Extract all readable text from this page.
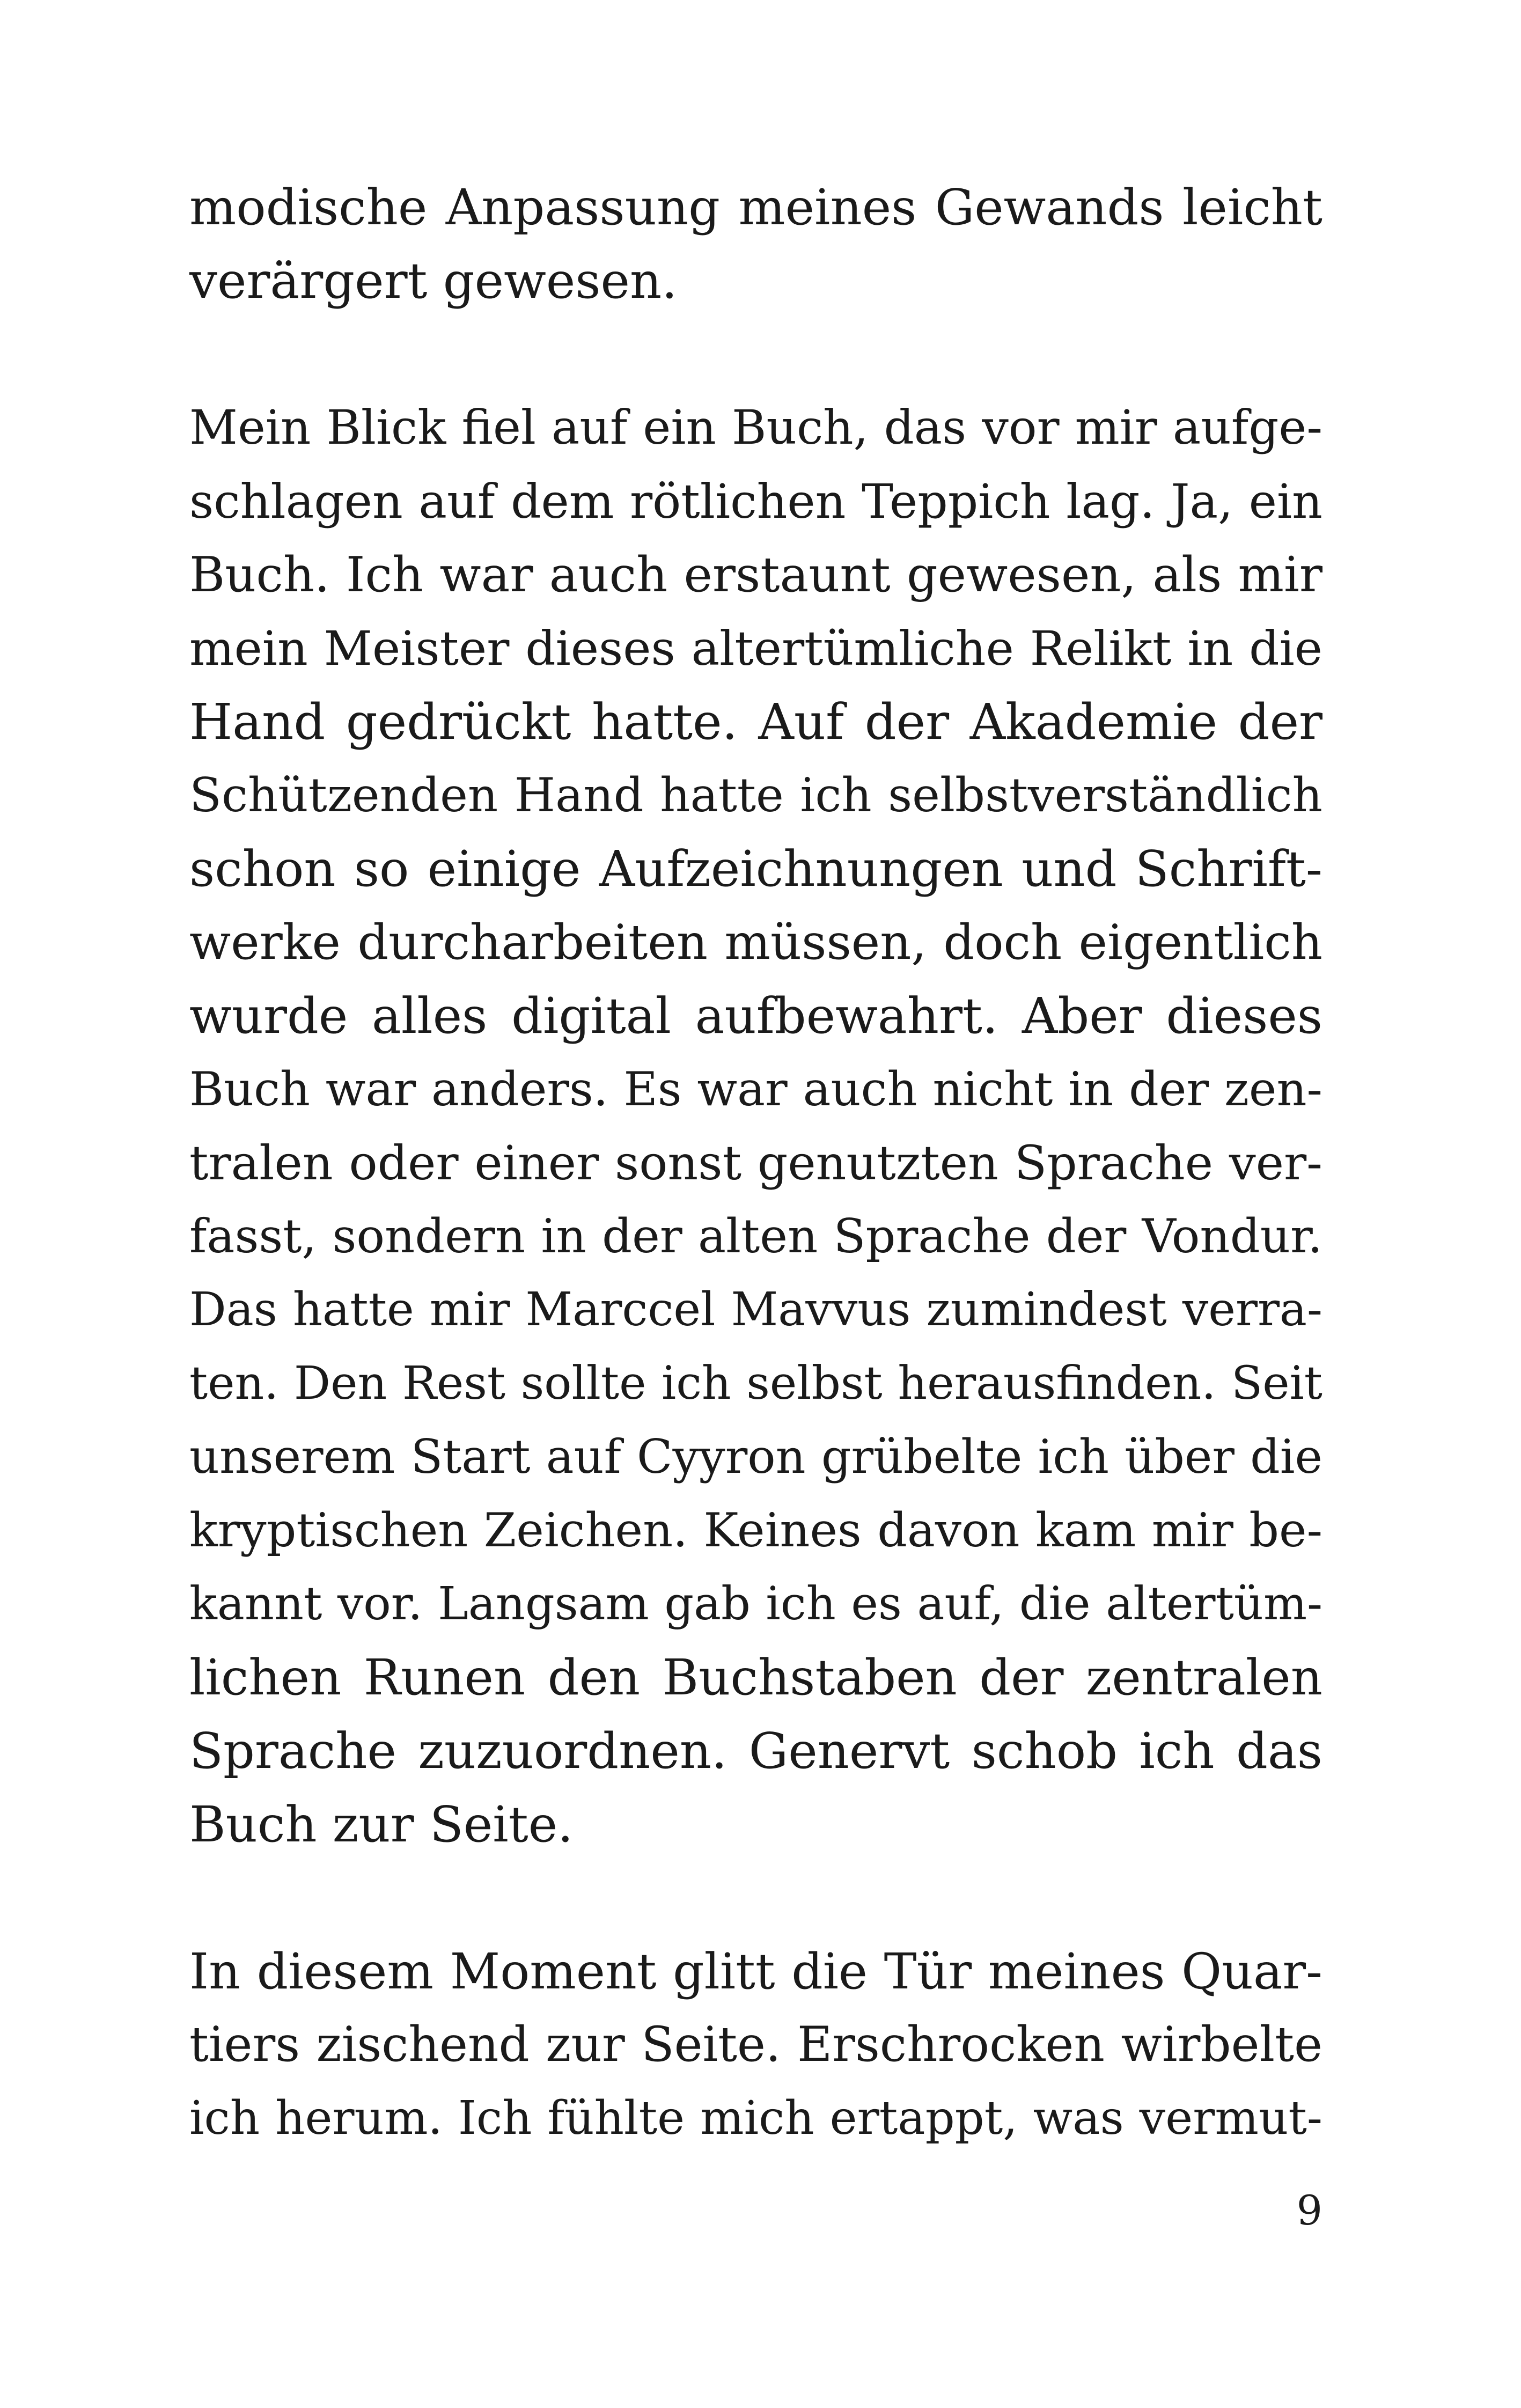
modische Anpassung meines Gewands leicht
verärgert gewesen.
Mein Blick fiel auf ein Buch, das vor mir aufge-
schlagen auf dem rötlichen Teppich lag. Ja, ein
Buch. Ich war auch erstaunt gewesen, als mir
mein Meister dieses altertümliche Relikt in die
Hand gedrückt hatte. Auf der Akademie der
Schützenden Hand hatte ich selbstverständlich
schon so einige Aufzeichnungen und Schrift-
werke durcharbeiten müssen, doch eigentlich
wurde alles digital aufbewahrt. Aber dieses
Buch war anders. Es war auch nicht in der zen-
tralen oder einer sonst genutzten Sprache ver-
fasst, sondern in der alten Sprache der Vondur.
Das hatte mir Marccel Mavvus zumindest verra-
ten. Den Rest sollte ich selbst herausfinden. Seit
unserem Start auf Cyyron grübelte ich über die
kryptischen Zeichen. Keines davon kam mir be-
kannt vor. Langsam gab ich es auf, die altertüm-
lichen Runen den Buchstaben der zentralen
Sprache zuzuordnen. Genervt schob ich das
Buch zur Seite.
In diesem Moment glitt die Tür meines Quar-
tiers zischend zur Seite. Erschrocken wirbelte
ich herum. Ich fühlte mich ertappt, was vermut-
9
